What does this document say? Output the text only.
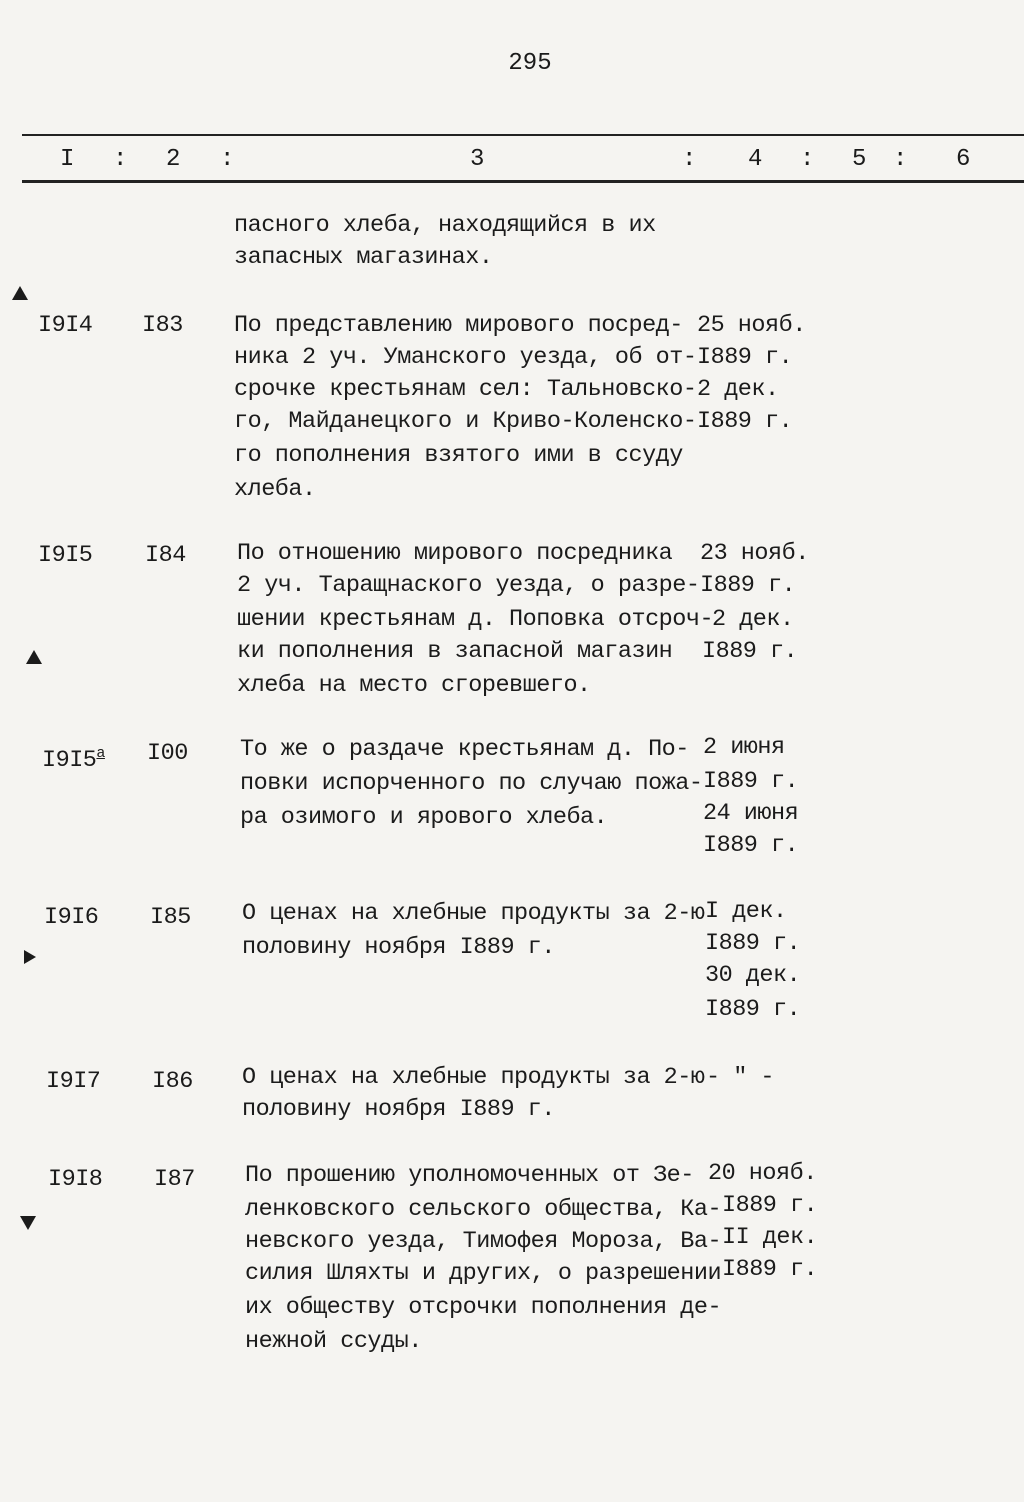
295
I : 2 :	3	: 4 : 5 : 6
пасного хлеба, находящийся в их
запасных магазинах.
I9I4 I83 По представлению мирового посред-
ника 2 уч. Уманского уезда, об от-
срочке крестьянам сел: Тальновско-
го, Майданецкого и Криво-Коленско-
го пополнения взятого ими в ссуду
хлеба.
25 нояб.
I889 г.
2 дек.
I889 г.
I9I5 I84 По отношению мирового посредника
2 уч. Таращнаского уезда, о разре-
шении крестьянам д. Поповка отсроч-
ки пополнения в запасной магазин
хлеба на место сгоревшего.
23 нояб.
I889 г.
2 дек.
I889 г.
$I9I5^а$ I00 То же о раздаче крестьянам д. По-
повки испорченного по случаю пожа-
ра озимого и ярового хлеба.
2 июня
I889 г.
24 июня
I889 г.
I9I6 I85 О ценах на хлебные продукты за 2-ю
половину ноября I889 г.
I дек.
I889 г.
30 дек.
I889 г.
I9I7 I86 О ценах на хлебные продукты за 2-ю
половину ноября I889 г.
- " -
I9I8 I87 По прошению уполномоченных от Зе-
ленковского сельского общества, Ка-
невского уезда, Тимофея Мороза, Ва-
силия Шляхты и других, о разрешении
их обществу отсрочки пополнения де-
нежной ссуды.
20 нояб.
I889 г.
II дек.
I889 г.
